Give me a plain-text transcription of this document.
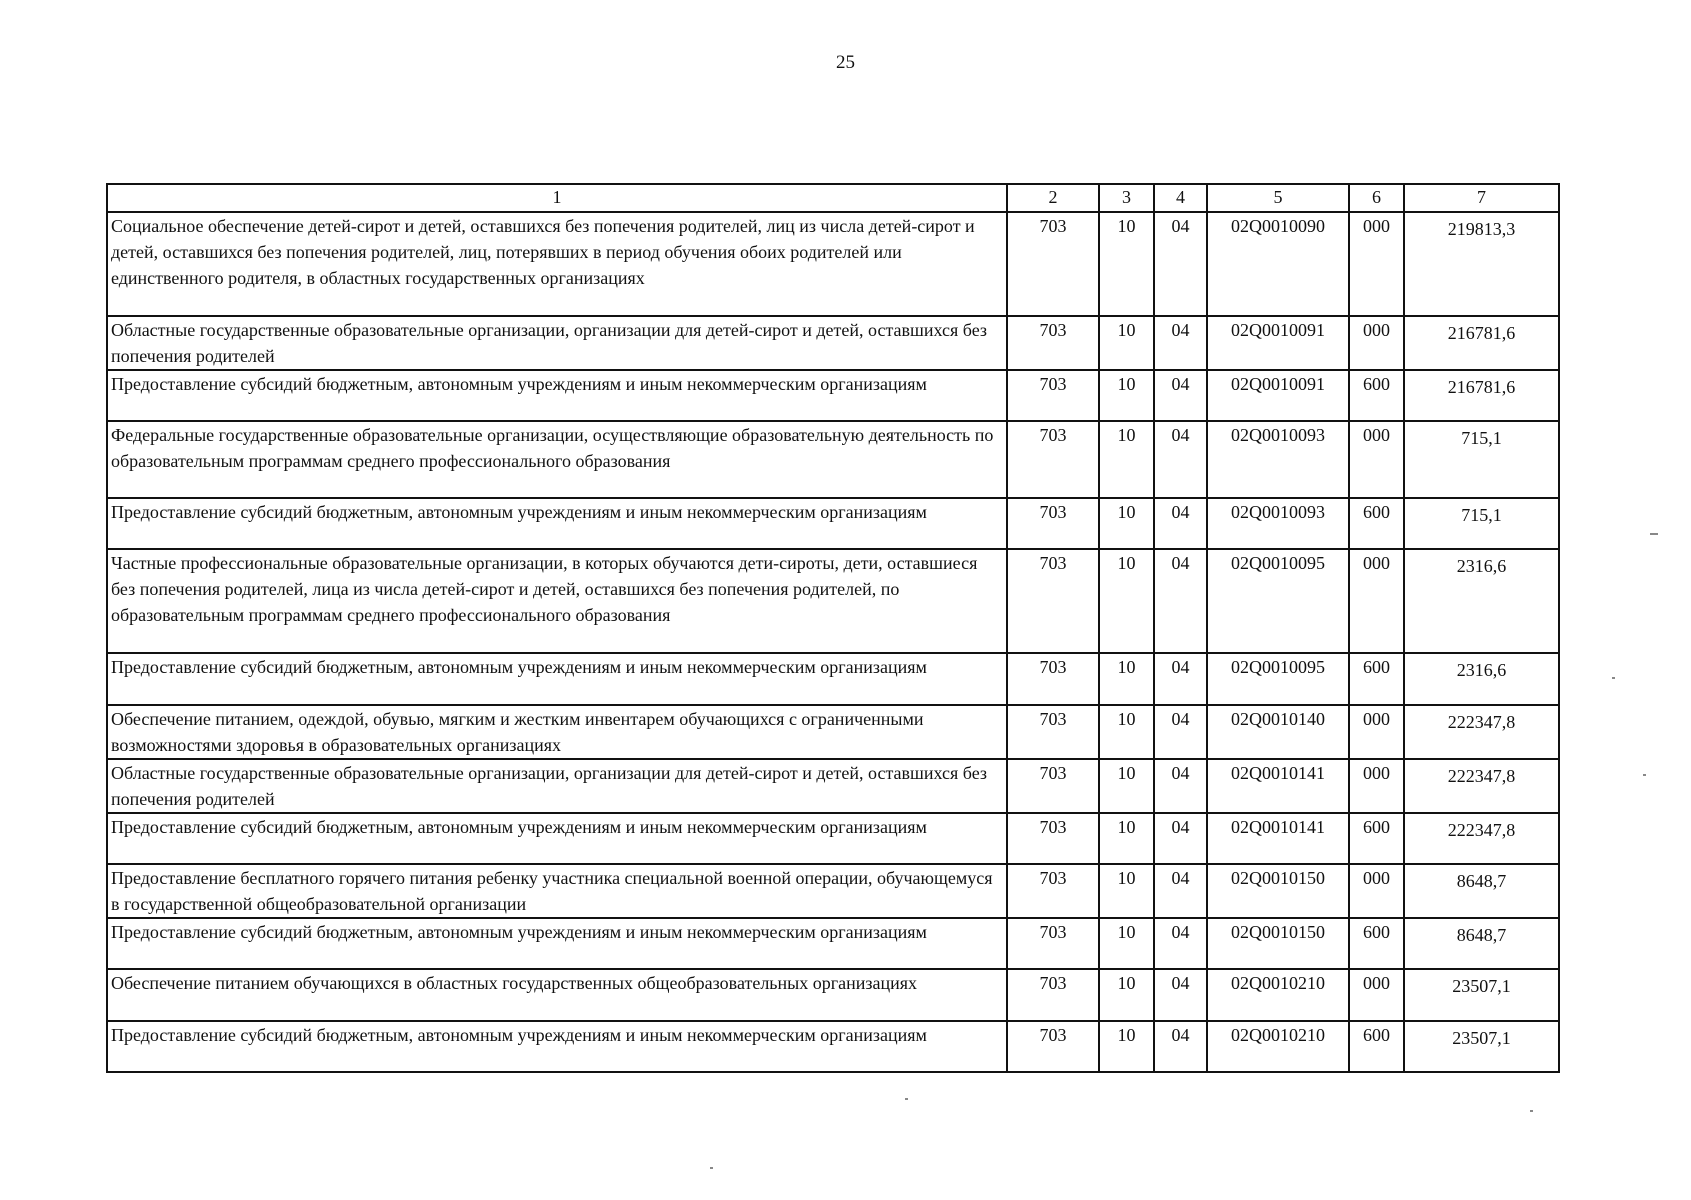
25
1	2	3	4	5	6	7
Социальное обеспечение детей-сирот и детей, оставшихся без попечения родителей, лиц из числа детей-сирот и детей, оставшихся без попечения родителей, лиц, потерявших в период обучения обоих родителей или единственного родителя, в областных государственных организациях	703	10	04	02Q0010090	000	219813,3
Областные государственные образовательные организации, организации для детей-сирот и детей, оставшихся без попечения родителей	703	10	04	02Q0010091	000	216781,6
Предоставление субсидий бюджетным, автономным учреждениям и иным некоммерческим организациям	703	10	04	02Q0010091	600	216781,6
Федеральные государственные образовательные организации, осуществляющие образовательную деятельность по образовательным программам среднего профессионального образования	703	10	04	02Q0010093	000	715,1
Предоставление субсидий бюджетным, автономным учреждениям и иным некоммерческим организациям	703	10	04	02Q0010093	600	715,1
Частные профессиональные образовательные организации, в которых обучаются дети-сироты, дети, оставшиеся без попечения родителей, лица из числа детей-сирот и детей, оставшихся без попечения родителей, по образовательным программам среднего профессионального образования	703	10	04	02Q0010095	000	2316,6
Предоставление субсидий бюджетным, автономным учреждениям и иным некоммерческим организациям	703	10	04	02Q0010095	600	2316,6
Обеспечение питанием, одеждой, обувью, мягким и жестким инвентарем обучающихся с ограниченными возможностями здоровья в образовательных организациях	703	10	04	02Q0010140	000	222347,8
Областные государственные образовательные организации, организации для детей-сирот и детей, оставшихся без попечения родителей	703	10	04	02Q0010141	000	222347,8
Предоставление субсидий бюджетным, автономным учреждениям и иным некоммерческим организациям	703	10	04	02Q0010141	600	222347,8
Предоставление бесплатного горячего питания ребенку участника специальной военной операции, обучающемуся в государственной общеобразовательной организации	703	10	04	02Q0010150	000	8648,7
Предоставление субсидий бюджетным, автономным учреждениям и иным некоммерческим организациям	703	10	04	02Q0010150	600	8648,7
Обеспечение питанием обучающихся в областных государственных общеобразовательных организациях	703	10	04	02Q0010210	000	23507,1
Предоставление субсидий бюджетным, автономным учреждениям и иным некоммерческим организациям	703	10	04	02Q0010210	600	23507,1
